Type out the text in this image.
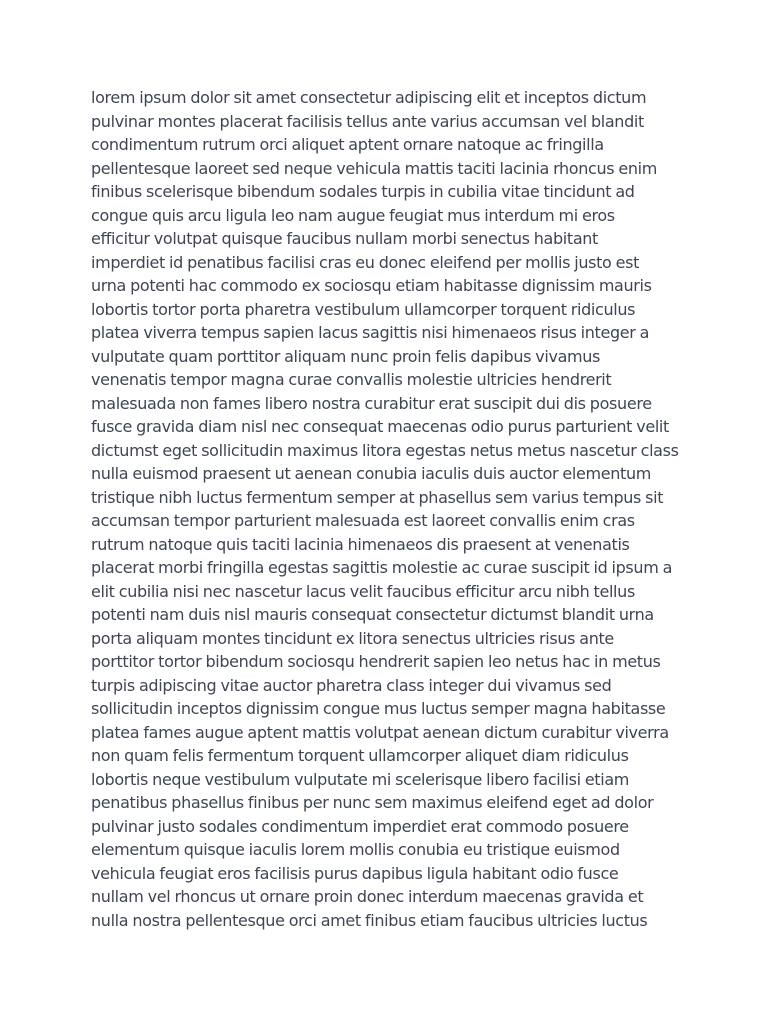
lorem ipsum dolor sit amet consectetur adipiscing elit et inceptos dictum
pulvinar montes placerat facilisis tellus ante varius accumsan vel blandit
condimentum rutrum orci aliquet aptent ornare natoque ac fringilla
pellentesque laoreet sed neque vehicula mattis taciti lacinia rhoncus enim
finibus scelerisque bibendum sodales turpis in cubilia vitae tincidunt ad
congue quis arcu ligula leo nam augue feugiat mus interdum mi eros
efficitur volutpat quisque faucibus nullam morbi senectus habitant
imperdiet id penatibus facilisi cras eu donec eleifend per mollis justo est
urna potenti hac commodo ex sociosqu etiam habitasse dignissim mauris
lobortis tortor porta pharetra vestibulum ullamcorper torquent ridiculus
platea viverra tempus sapien lacus sagittis nisi himenaeos risus integer a
vulputate quam porttitor aliquam nunc proin felis dapibus vivamus
venenatis tempor magna curae convallis molestie ultricies hendrerit
malesuada non fames libero nostra curabitur erat suscipit dui dis posuere
fusce gravida diam nisl nec consequat maecenas odio purus parturient velit
dictumst eget sollicitudin maximus litora egestas netus metus nascetur class
nulla euismod praesent ut aenean conubia iaculis duis auctor elementum
tristique nibh luctus fermentum semper at phasellus sem varius tempus sit
accumsan tempor parturient malesuada est laoreet convallis enim cras
rutrum natoque quis taciti lacinia himenaeos dis praesent at venenatis
placerat morbi fringilla egestas sagittis molestie ac curae suscipit id ipsum a
elit cubilia nisi nec nascetur lacus velit faucibus efficitur arcu nibh tellus
potenti nam duis nisl mauris consequat consectetur dictumst blandit urna
porta aliquam montes tincidunt ex litora senectus ultricies risus ante
porttitor tortor bibendum sociosqu hendrerit sapien leo netus hac in metus
turpis adipiscing vitae auctor pharetra class integer dui vivamus sed
sollicitudin inceptos dignissim congue mus luctus semper magna habitasse
platea fames augue aptent mattis volutpat aenean dictum curabitur viverra
non quam felis fermentum torquent ullamcorper aliquet diam ridiculus
lobortis neque vestibulum vulputate mi scelerisque libero facilisi etiam
penatibus phasellus finibus per nunc sem maximus eleifend eget ad dolor
pulvinar justo sodales condimentum imperdiet erat commodo posuere
elementum quisque iaculis lorem mollis conubia eu tristique euismod
vehicula feugiat eros facilisis purus dapibus ligula habitant odio fusce
nullam vel rhoncus ut ornare proin donec interdum maecenas gravida et
nulla nostra pellentesque orci amet finibus etiam faucibus ultricies luctus
